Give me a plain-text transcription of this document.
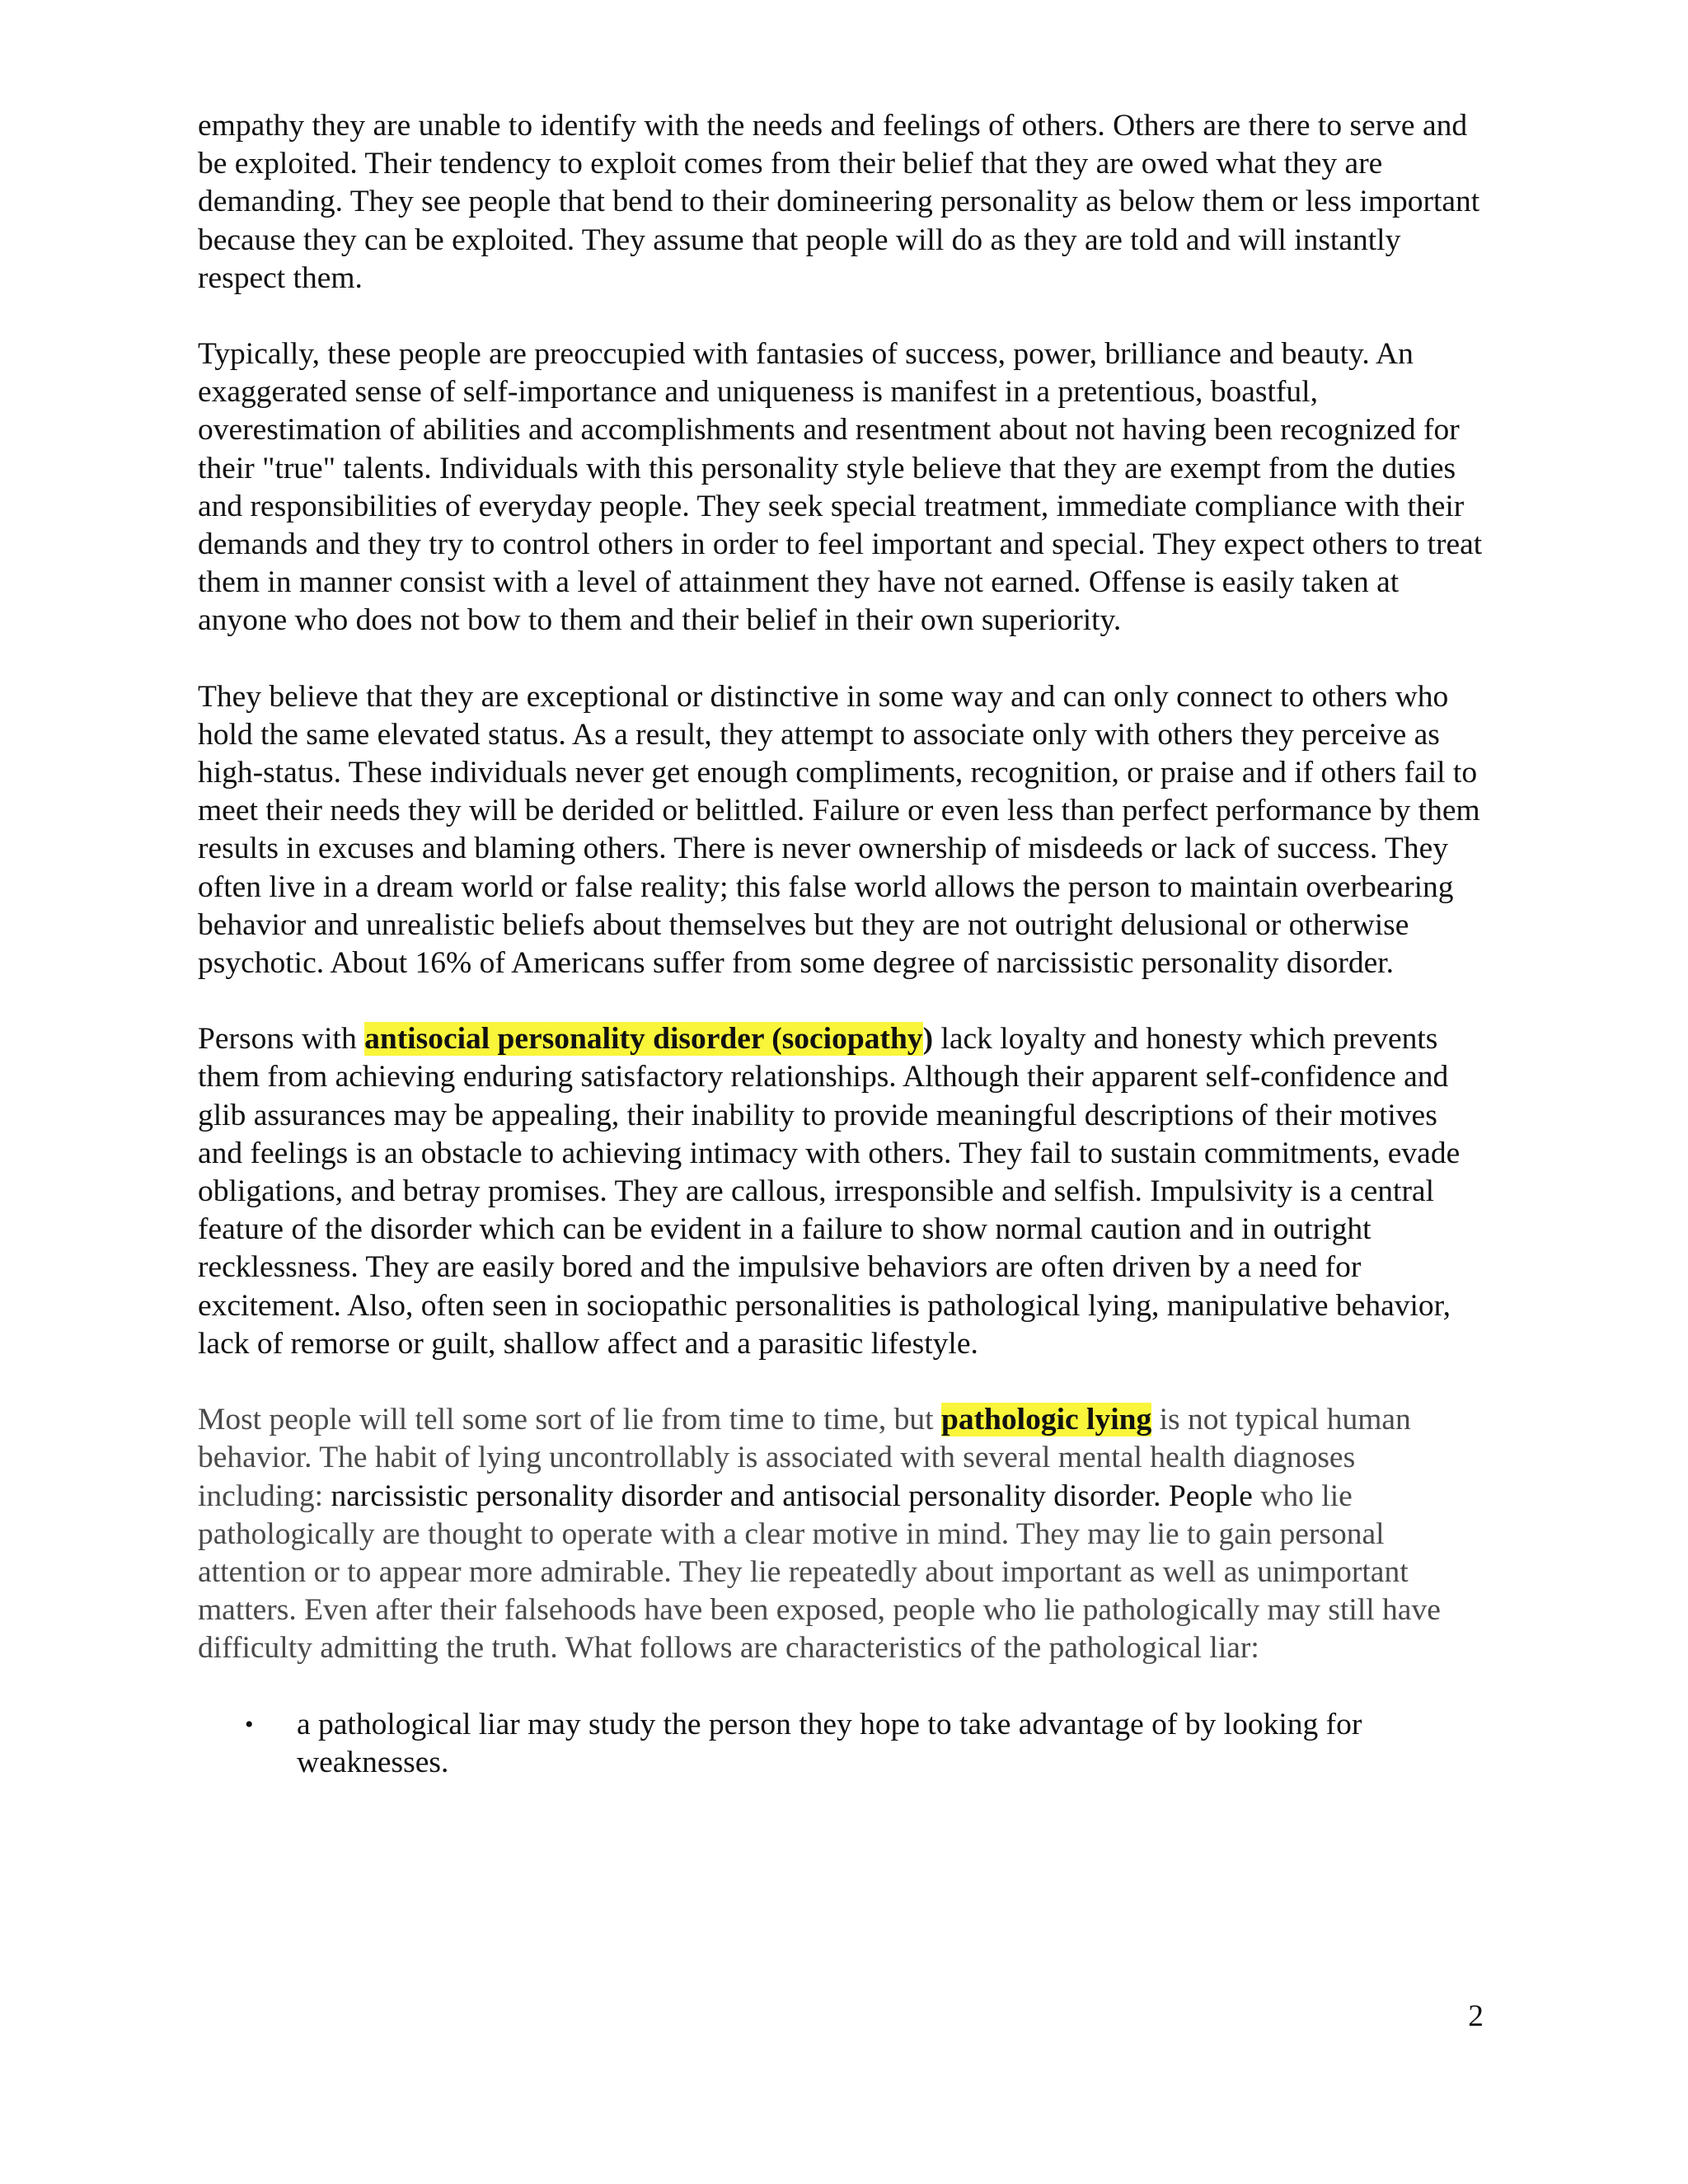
empathy they are unable to identify with the needs and feelings of others. Others are there to serve and be exploited. Their tendency to exploit comes from their belief that they are owed what they are demanding. They see people that bend to their domineering personality as below them or less important because they can be exploited. They assume that people will do as they are told and will instantly respect them.

Typically, these people are preoccupied with fantasies of success, power, brilliance and beauty. An exaggerated sense of self-importance and uniqueness is manifest in a pretentious, boastful, overestimation of abilities and accomplishments and resentment about not having been recognized for their "true" talents. Individuals with this personality style believe that they are exempt from the duties and responsibilities of everyday people. They seek special treatment, immediate compliance with their demands and they try to control others in order to feel important and special. They expect others to treat them in manner consist with a level of attainment they have not earned. Offense is easily taken at anyone who does not bow to them and their belief in their own superiority.

They believe that they are exceptional or distinctive in some way and can only connect to others who hold the same elevated status. As a result, they attempt to associate only with others they perceive as high-status. These individuals never get enough compliments, recognition, or praise and if others fail to meet their needs they will be derided or belittled. Failure or even less than perfect performance by them results in excuses and blaming others. There is never ownership of misdeeds or lack of success. They often live in a dream world or false reality; this false world allows the person to maintain overbearing behavior and unrealistic beliefs about themselves but they are not outright delusional or otherwise psychotic. About 16% of Americans suffer from some degree of narcissistic personality disorder.

Persons with antisocial personality disorder (sociopathy) lack loyalty and honesty which prevents them from achieving enduring satisfactory relationships. Although their apparent self-confidence and glib assurances may be appealing, their inability to provide meaningful descriptions of their motives and feelings is an obstacle to achieving intimacy with others. They fail to sustain commitments, evade obligations, and betray promises. They are callous, irresponsible and selfish. Impulsivity is a central feature of the disorder which can be evident in a failure to show normal caution and in outright recklessness. They are easily bored and the impulsive behaviors are often driven by a need for excitement. Also, often seen in sociopathic personalities is pathological lying, manipulative behavior, lack of remorse or guilt, shallow affect and a parasitic lifestyle.

Most people will tell some sort of lie from time to time, but pathologic lying is not typical human behavior. The habit of lying uncontrollably is associated with several mental health diagnoses including: narcissistic personality disorder and antisocial personality disorder. People who lie pathologically are thought to operate with a clear motive in mind. They may lie to gain personal attention or to appear more admirable. They lie repeatedly about important as well as unimportant matters. Even after their falsehoods have been exposed, people who lie pathologically may still have difficulty admitting the truth. What follows are characteristics of the pathological liar:

• a pathological liar may study the person they hope to take advantage of by looking for weaknesses.
2
